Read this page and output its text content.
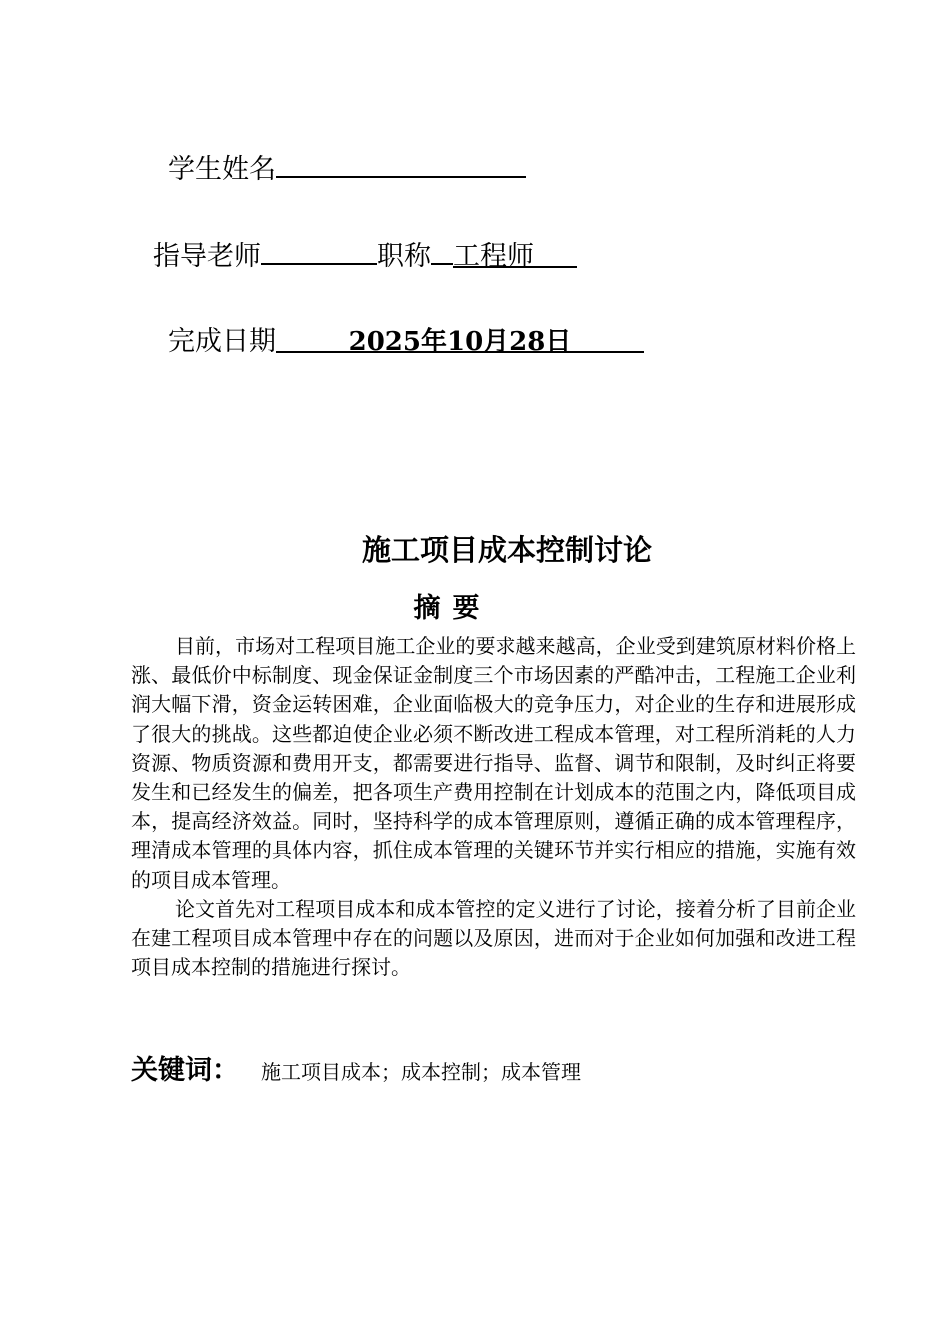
学生姓名
指导老师	职称 工程师
完成日期	2025年10月28日
施工项目成本控制讨论
摘要

目前，市场对工程项目施工企业的要求越来越高，企业受到建筑原材料价格上涨、最低价中标制度、现金保证金制度三个市场因素的严酷冲击，工程施工企业利润大幅下滑，资金运转困难，企业面临极大的竞争压力，对企业的生存和进展形成了很大的挑战。这些都迫使企业必须不断改进工程成本管理，对工程所消耗的人力资源、物质资源和费用开支，都需要进行指导、监督、调节和限制，及时纠正将要发生和已经发生的偏差，把各项生产费用控制在计划成本的范围之内，降低项目成本，提高经济效益。同时，坚持科学的成本管理原则，遵循正确的成本管理程序，理清成本管理的具体内容，抓住成本管理的关键环节并实行相应的措施，实施有效的项目成本管理。

论文首先对工程项目成本和成本管控的定义进行了讨论，接着分析了目前企业在建工程项目成本管理中存在的问题以及原因，进而对于企业如何加强和改进工程项目成本控制的措施进行探讨。

关键词： 施工项目成本；成本控制；成本管理
